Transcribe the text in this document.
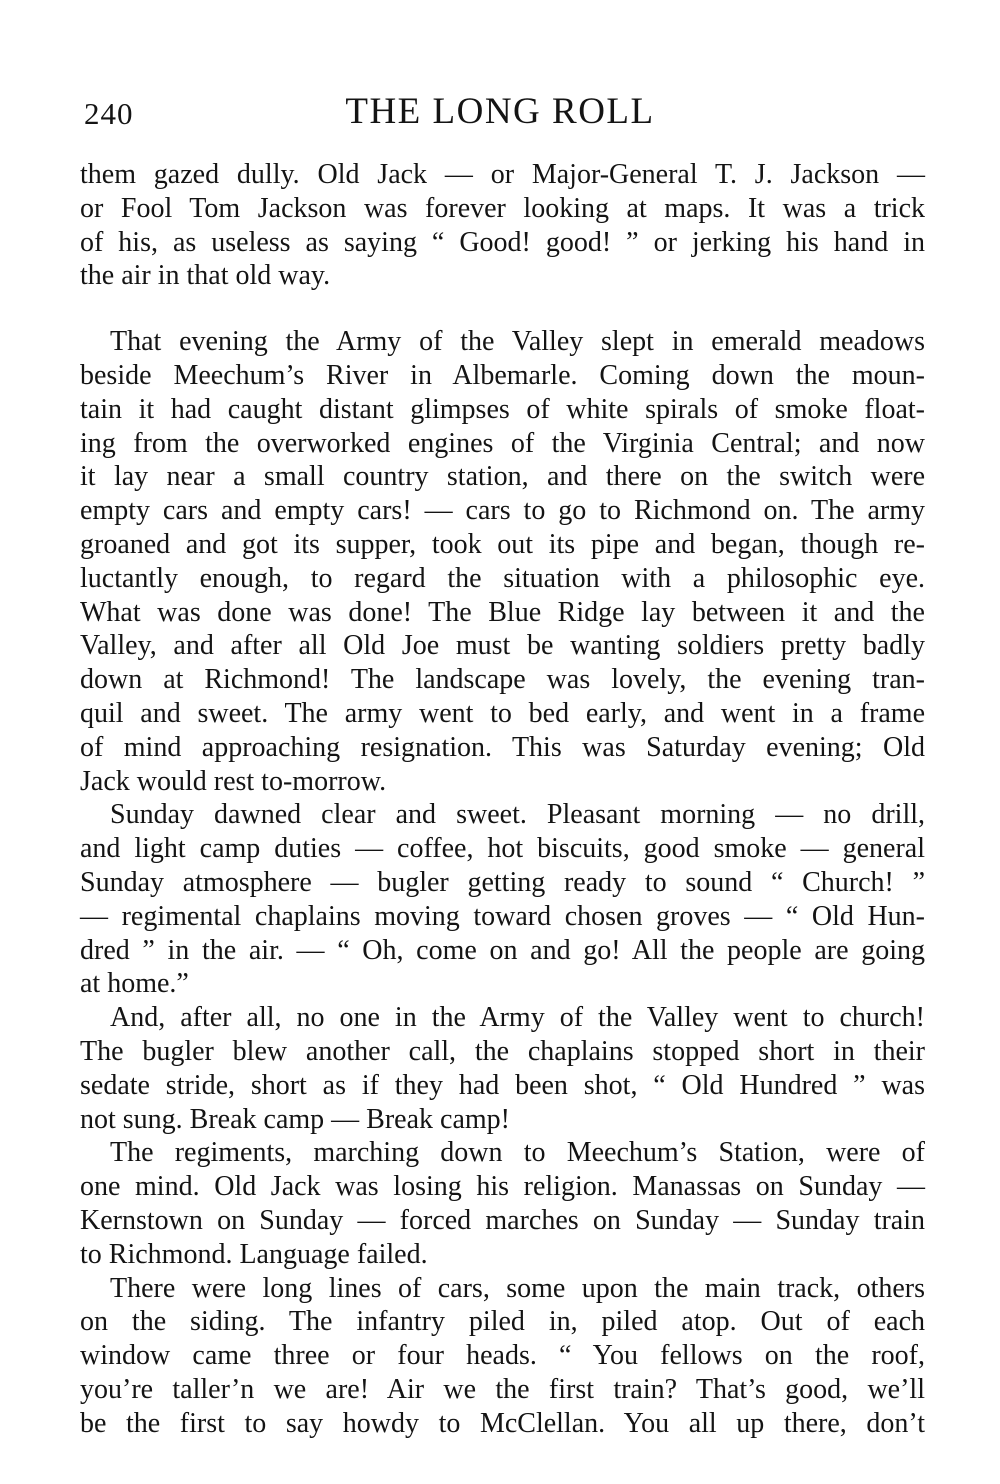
240	THE LONG ROLL
them gazed dully. Old Jack — or Major-General T. J. Jackson —
or Fool Tom Jackson was forever looking at maps. It was a trick
of his, as useless as saying “ Good! good! ” or jerking his hand in
the air in that old way.
That evening the Army of the Valley slept in emerald meadows
beside Meechum’s River in Albemarle. Coming down the moun-
tain it had caught distant glimpses of white spirals of smoke float-
ing from the overworked engines of the Virginia Central; and now
it lay near a small country station, and there on the switch were
empty cars and empty cars! — cars to go to Richmond on. The army
groaned and got its supper, took out its pipe and began, though re-
luctantly enough, to regard the situation with a philosophic eye.
What was done was done! The Blue Ridge lay between it and the
Valley, and after all Old Joe must be wanting soldiers pretty badly
down at Richmond! The landscape was lovely, the evening tran-
quil and sweet. The army went to bed early, and went in a frame
of mind approaching resignation. This was Saturday evening; Old
Jack would rest to-morrow.
Sunday dawned clear and sweet. Pleasant morning — no drill,
and light camp duties — coffee, hot biscuits, good smoke — general
Sunday atmosphere — bugler getting ready to sound “ Church! ”
— regimental chaplains moving toward chosen groves — “ Old Hun-
dred ” in the air. — “ Oh, come on and go! All the people are going
at home.”
And, after all, no one in the Army of the Valley went to church!
The bugler blew another call, the chaplains stopped short in their
sedate stride, short as if they had been shot, “ Old Hundred ” was
not sung. Break camp — Break camp!
The regiments, marching down to Meechum’s Station, were of
one mind. Old Jack was losing his religion. Manassas on Sunday —
Kernstown on Sunday — forced marches on Sunday — Sunday train
to Richmond. Language failed.
There were long lines of cars, some upon the main track, others
on the siding. The infantry piled in, piled atop. Out of each
window came three or four heads. “ You fellows on the roof,
you’re taller’n we are! Air we the first train? That’s good, we’ll
be the first to say howdy to McClellan. You all up there, don’t
